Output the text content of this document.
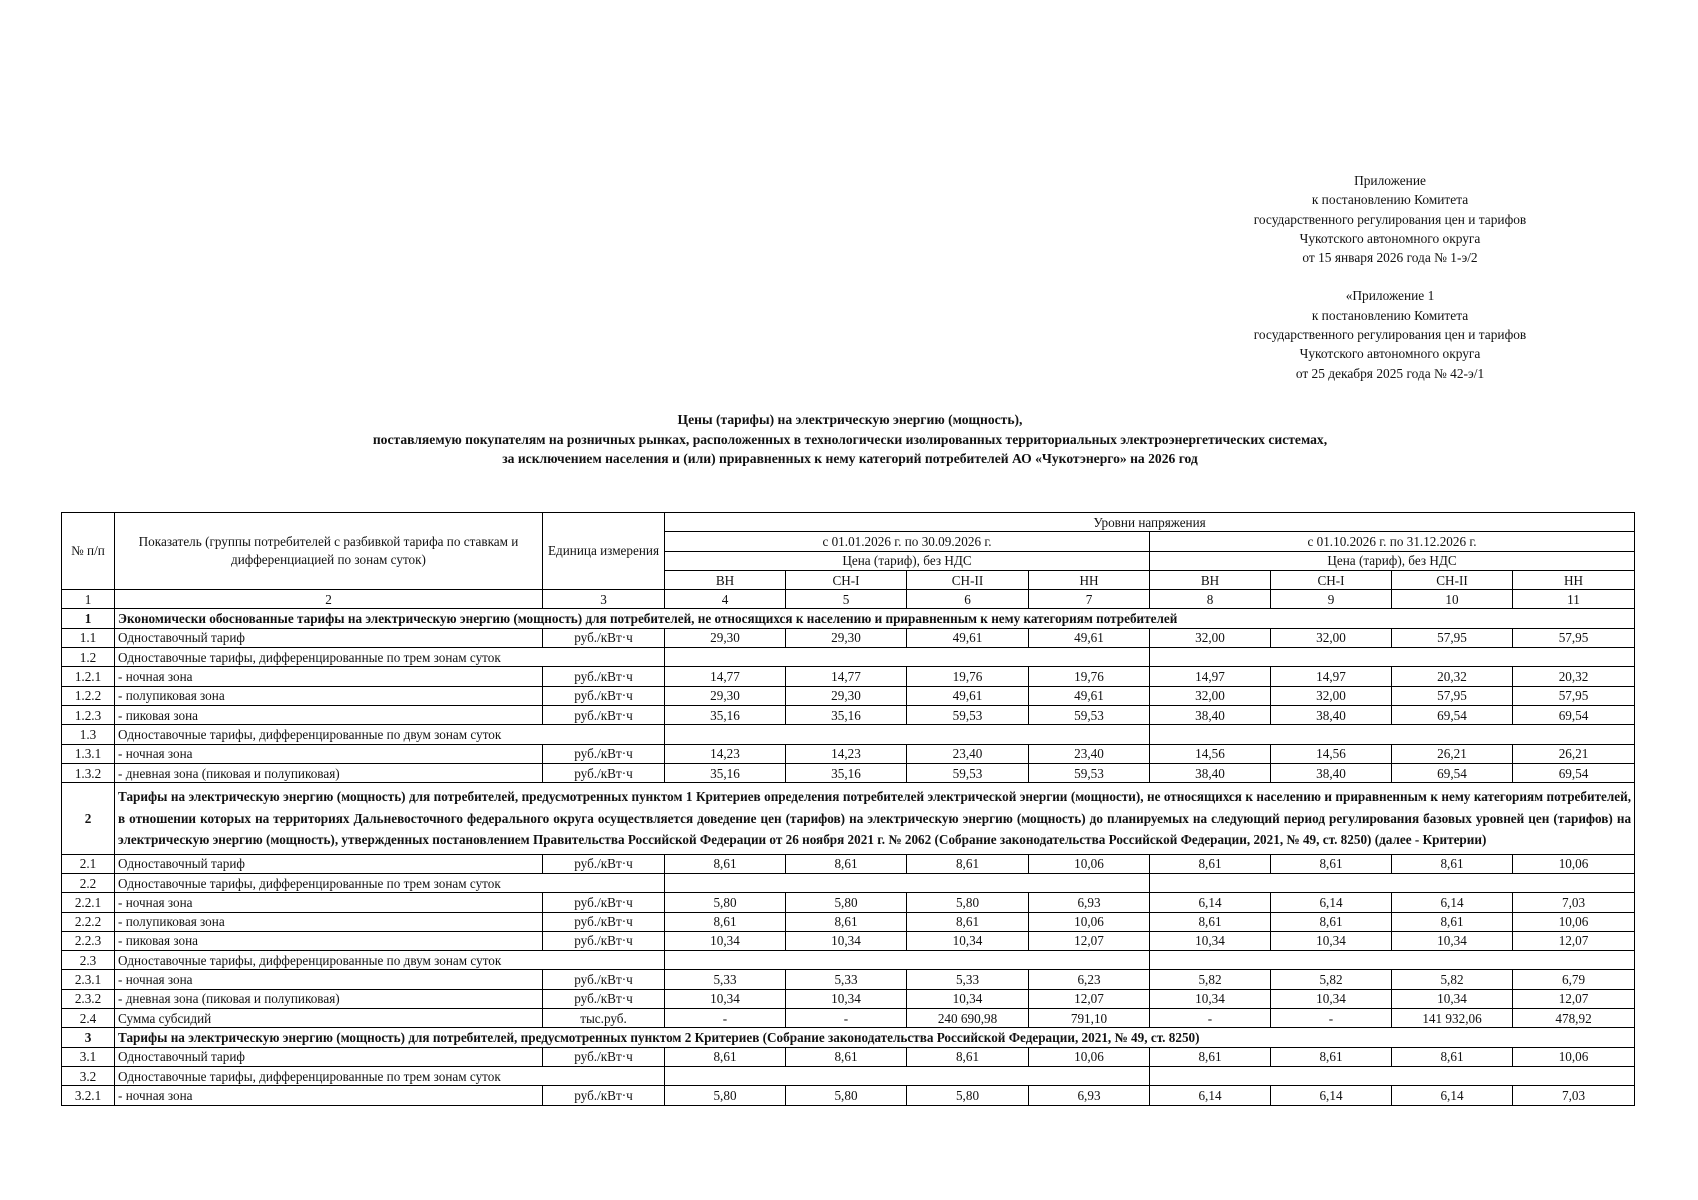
Приложение
к постановлению Комитета
государственного регулирования цен и тарифов
Чукотского автономного округа
от 15 января 2026 года № 1-э/2
«Приложение 1
к постановлению Комитета
государственного регулирования цен и тарифов
Чукотского автономного округа
от 25 декабря 2025 года № 42-э/1
Цены (тарифы) на электрическую энергию (мощность),
поставляемую покупателям на розничных рынках, расположенных в технологически изолированных территориальных электроэнергетических системах,
за исключением населения и (или) приравненных к нему категорий потребителей АО «Чукотэнерго» на 2026 год
№ п/п	Показатель (группы потребителей с разбивкой тарифа по ставкам и дифференциацией по зонам суток)	Единица измерения	Уровни напряжения							
			с 01.01.2026 г. по 30.09.2026 г.				с 01.10.2026 г. по 31.12.2026 г.			
			Цена (тариф), без НДС				Цена (тариф), без НДС			
			ВН	СН-I	СН-II	НН	ВН	СН-I	СН-II	НН
1	2	3	4	5	6	7	8	9	10	11
1	Экономически обоснованные тарифы на электрическую энергию (мощность) для потребителей, не относящихся к населению и приравненным к нему категориям потребителей									
1.1	Одноставочный тариф	руб./кВт·ч	29,30	29,30	49,61	49,61	32,00	32,00	57,95	57,95
1.2	Одноставочные тарифы, дифференцированные по трем зонам суток									
1.2.1	- ночная зона	руб./кВт·ч	14,77	14,77	19,76	19,76	14,97	14,97	20,32	20,32
1.2.2	- полупиковая зона	руб./кВт·ч	29,30	29,30	49,61	49,61	32,00	32,00	57,95	57,95
1.2.3	- пиковая зона	руб./кВт·ч	35,16	35,16	59,53	59,53	38,40	38,40	69,54	69,54
1.3	Одноставочные тарифы, дифференцированные по двум зонам суток									
1.3.1	- ночная зона	руб./кВт·ч	14,23	14,23	23,40	23,40	14,56	14,56	26,21	26,21
1.3.2	- дневная зона (пиковая и полупиковая)	руб./кВт·ч	35,16	35,16	59,53	59,53	38,40	38,40	69,54	69,54
2	Тарифы на электрическую энергию (мощность) для потребителей, предусмотренных пунктом 1 Критериев определения потребителей электрической энергии (мощности), не относящихся к населению и приравненным к нему категориям потребителей, в отношении которых на территориях Дальневосточного федерального округа осуществляется доведение цен (тарифов) на электрическую энергию (мощность) до планируемых на следующий период регулирования базовых уровней цен (тарифов) на электрическую энергию (мощность), утвержденных постановлением Правительства Российской Федерации от 26 ноября 2021 г. № 2062 (Собрание законодательства Российской Федерации, 2021, № 49, ст. 8250) (далее - Критерии)									
2.1	Одноставочный тариф	руб./кВт·ч	8,61	8,61	8,61	10,06	8,61	8,61	8,61	10,06
2.2	Одноставочные тарифы, дифференцированные по трем зонам суток									
2.2.1	- ночная зона	руб./кВт·ч	5,80	5,80	5,80	6,93	6,14	6,14	6,14	7,03
2.2.2	- полупиковая зона	руб./кВт·ч	8,61	8,61	8,61	10,06	8,61	8,61	8,61	10,06
2.2.3	- пиковая зона	руб./кВт·ч	10,34	10,34	10,34	12,07	10,34	10,34	10,34	12,07
2.3	Одноставочные тарифы, дифференцированные по двум зонам суток									
2.3.1	- ночная зона	руб./кВт·ч	5,33	5,33	5,33	6,23	5,82	5,82	5,82	6,79
2.3.2	- дневная зона (пиковая и полупиковая)	руб./кВт·ч	10,34	10,34	10,34	12,07	10,34	10,34	10,34	12,07
2.4	Сумма субсидий	тыс.руб.	-	-	240 690,98	791,10	-	-	141 932,06	478,92
3	Тарифы на электрическую энергию (мощность) для потребителей, предусмотренных пунктом 2 Критериев (Собрание законодательства Российской Федерации, 2021, № 49, ст. 8250)									
3.1	Одноставочный тариф	руб./кВт·ч	8,61	8,61	8,61	10,06	8,61	8,61	8,61	10,06
3.2	Одноставочные тарифы, дифференцированные по трем зонам суток									
3.2.1	- ночная зона	руб./кВт·ч	5,80	5,80	5,80	6,93	6,14	6,14	6,14	7,03
